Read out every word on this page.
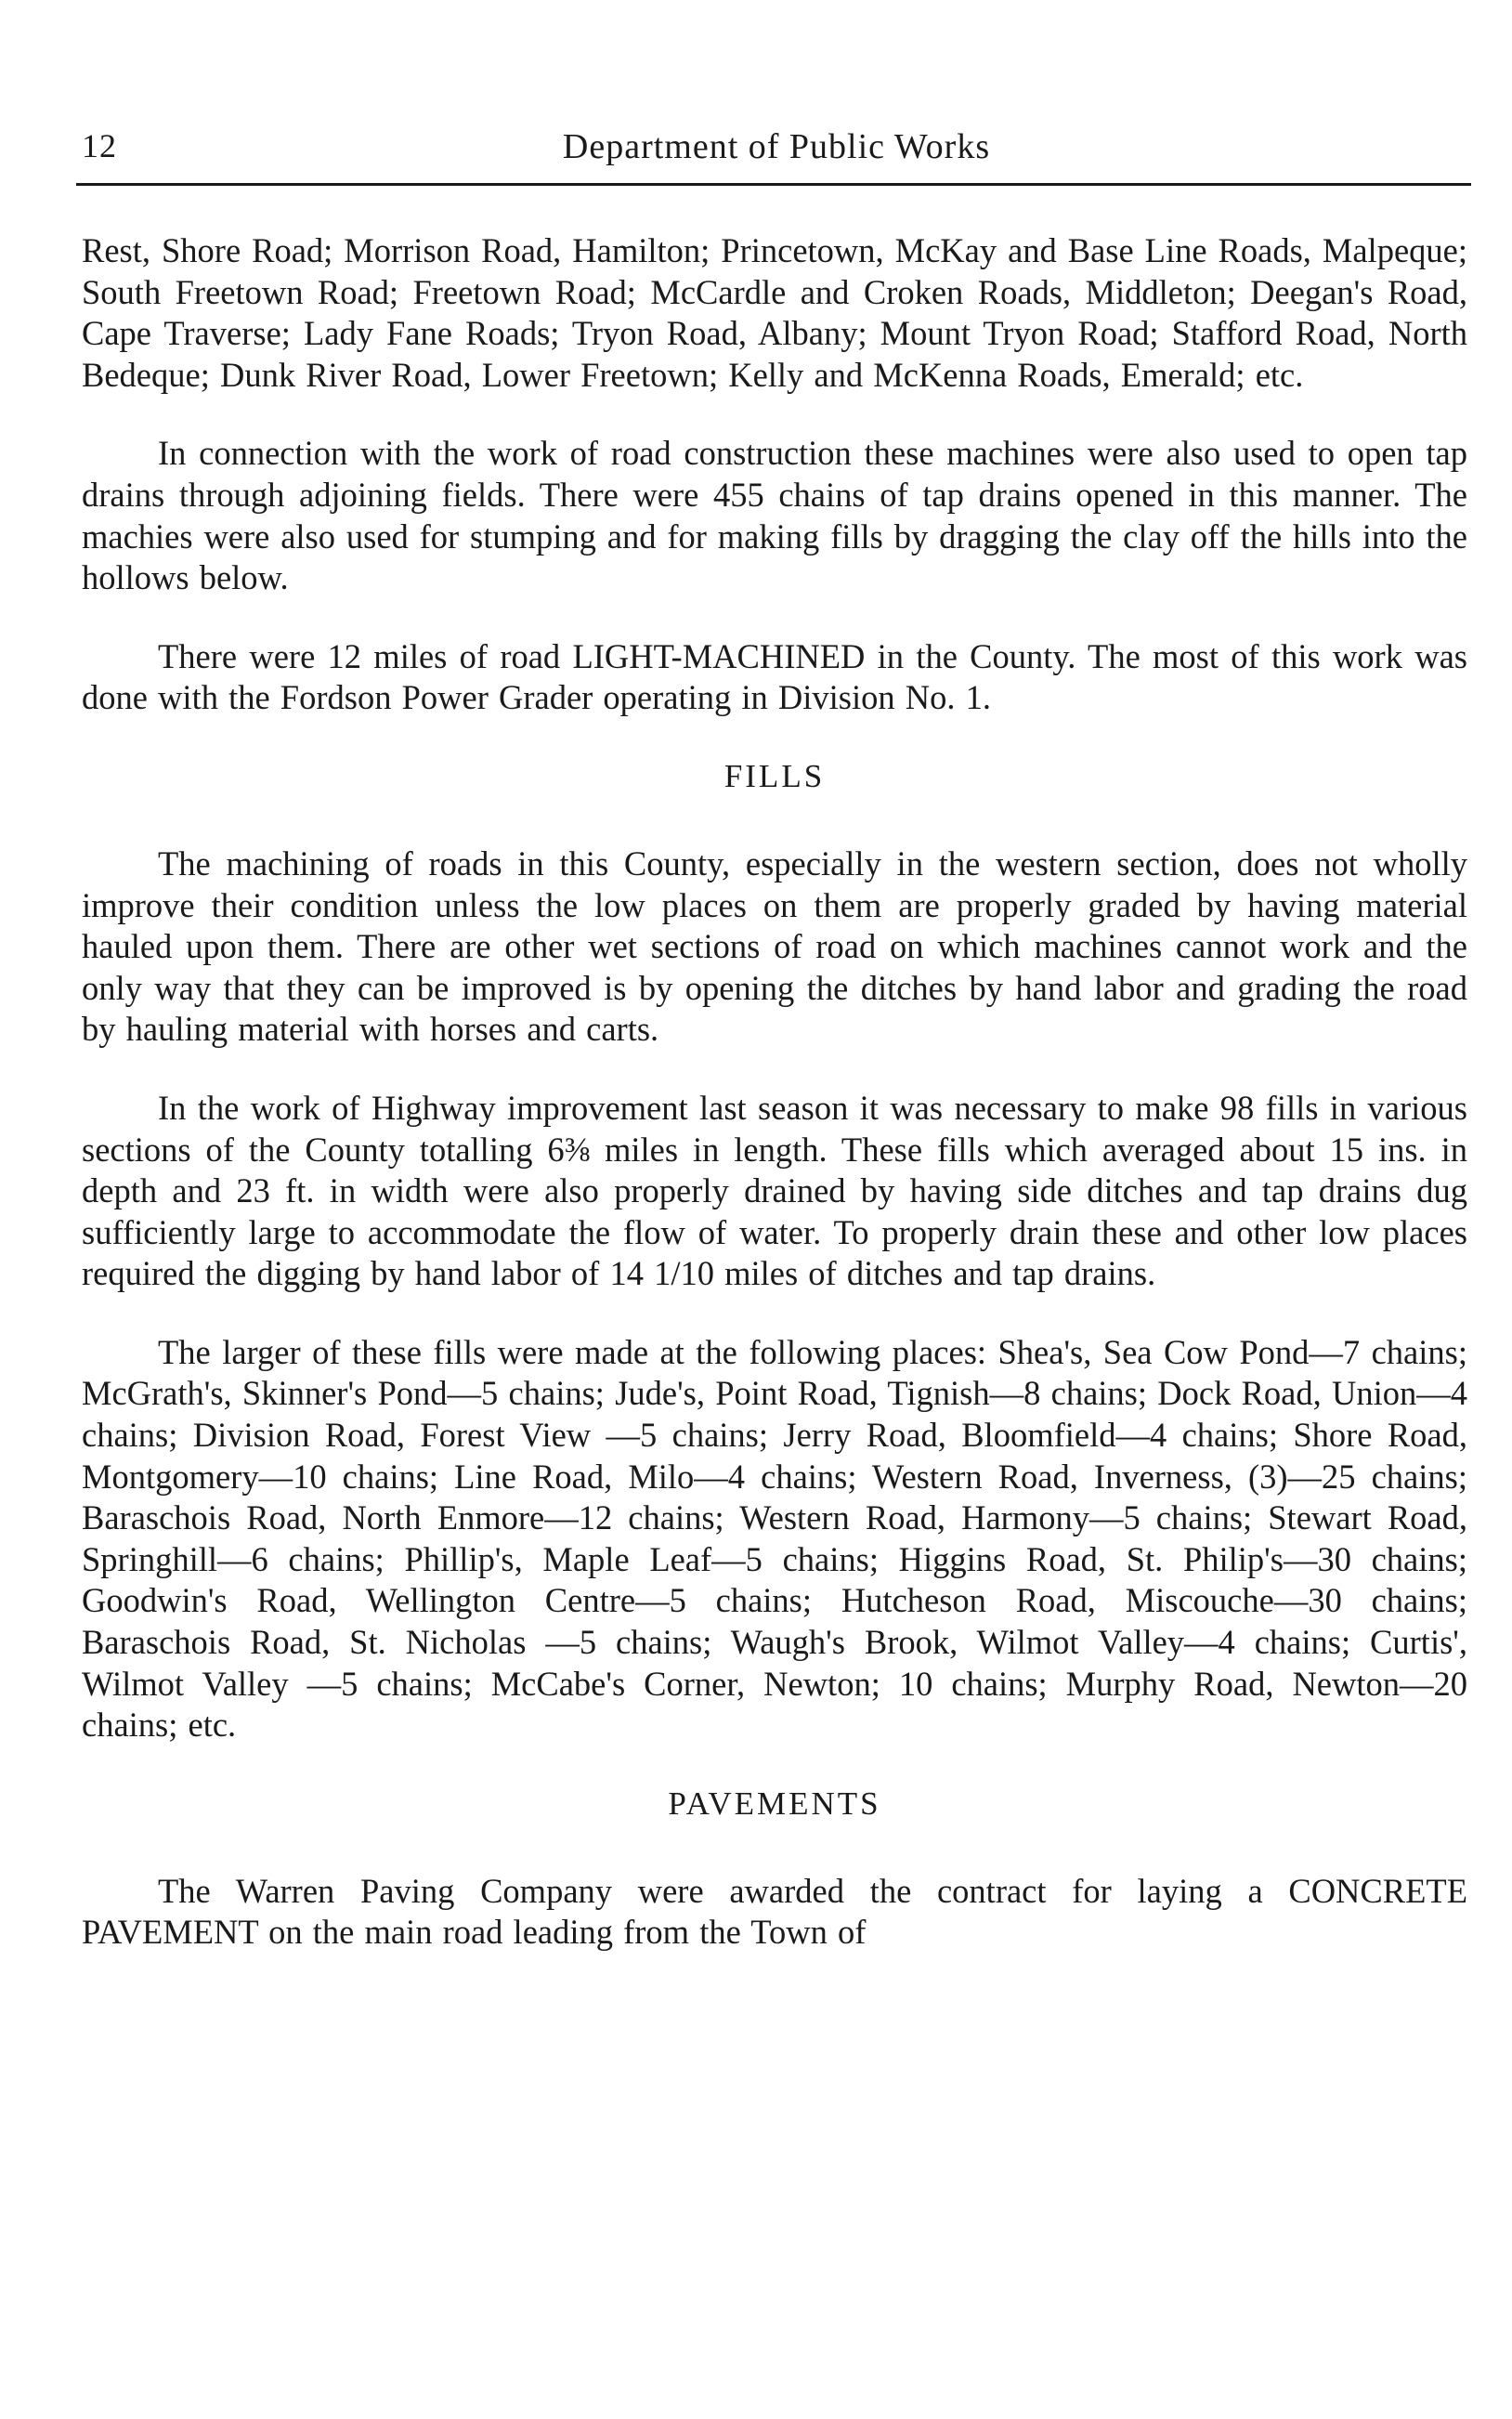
12	Department of Public Works

Rest, Shore Road; Morrison Road, Hamilton; Princetown, McKay and Base Line Roads, Malpeque; South Freetown Road; Freetown Road; McCardle and Croken Roads, Middleton; Deegan's Road, Cape Traverse; Lady Fane Roads; Tryon Road, Albany; Mount Tryon Road; Stafford Road, North Bedeque; Dunk River Road, Lower Freetown; Kelly and McKenna Roads, Emerald; etc.

In connection with the work of road construction these machines were also used to open tap drains through adjoining fields. There were 455 chains of tap drains opened in this manner. The machies were also used for stumping and for making fills by dragging the clay off the hills into the hollows below.

There were 12 miles of road LIGHT-MACHINED in the County. The most of this work was done with the Fordson Power Grader operating in Division No. 1.

FILLS

The machining of roads in this County, especially in the western section, does not wholly improve their condition unless the low places on them are properly graded by having material hauled upon them. There are other wet sections of road on which machines cannot work and the only way that they can be improved is by opening the ditches by hand labor and grading the road by hauling material with horses and carts.

In the work of Highway improvement last season it was necessary to make 98 fills in various sections of the County totalling 6⅜ miles in length. These fills which averaged about 15 ins. in depth and 23 ft. in width were also properly drained by having side ditches and tap drains dug sufficiently large to accommodate the flow of water. To properly drain these and other low places required the digging by hand labor of 14 1/10 miles of ditches and tap drains.

The larger of these fills were made at the following places: Shea's, Sea Cow Pond—7 chains; McGrath's, Skinner's Pond—5 chains; Jude's, Point Road, Tignish—8 chains; Dock Road, Union—4 chains; Division Road, Forest View —5 chains; Jerry Road, Bloomfield—4 chains; Shore Road, Montgomery—10 chains; Line Road, Milo—4 chains; Western Road, Inverness, (3)—25 chains; Baraschois Road, North Enmore—12 chains; Western Road, Harmony—5 chains; Stewart Road, Springhill—6 chains; Phillip's, Maple Leaf—5 chains; Higgins Road, St. Philip's—30 chains; Goodwin's Road, Wellington Centre—5 chains; Hutcheson Road, Miscouche—30 chains; Baraschois Road, St. Nicholas —5 chains; Waugh's Brook, Wilmot Valley—4 chains; Curtis', Wilmot Valley —5 chains; McCabe's Corner, Newton; 10 chains; Murphy Road, Newton—20 chains; etc.

PAVEMENTS

The Warren Paving Company were awarded the contract for laying a CONCRETE PAVEMENT on the main road leading from the Town of
